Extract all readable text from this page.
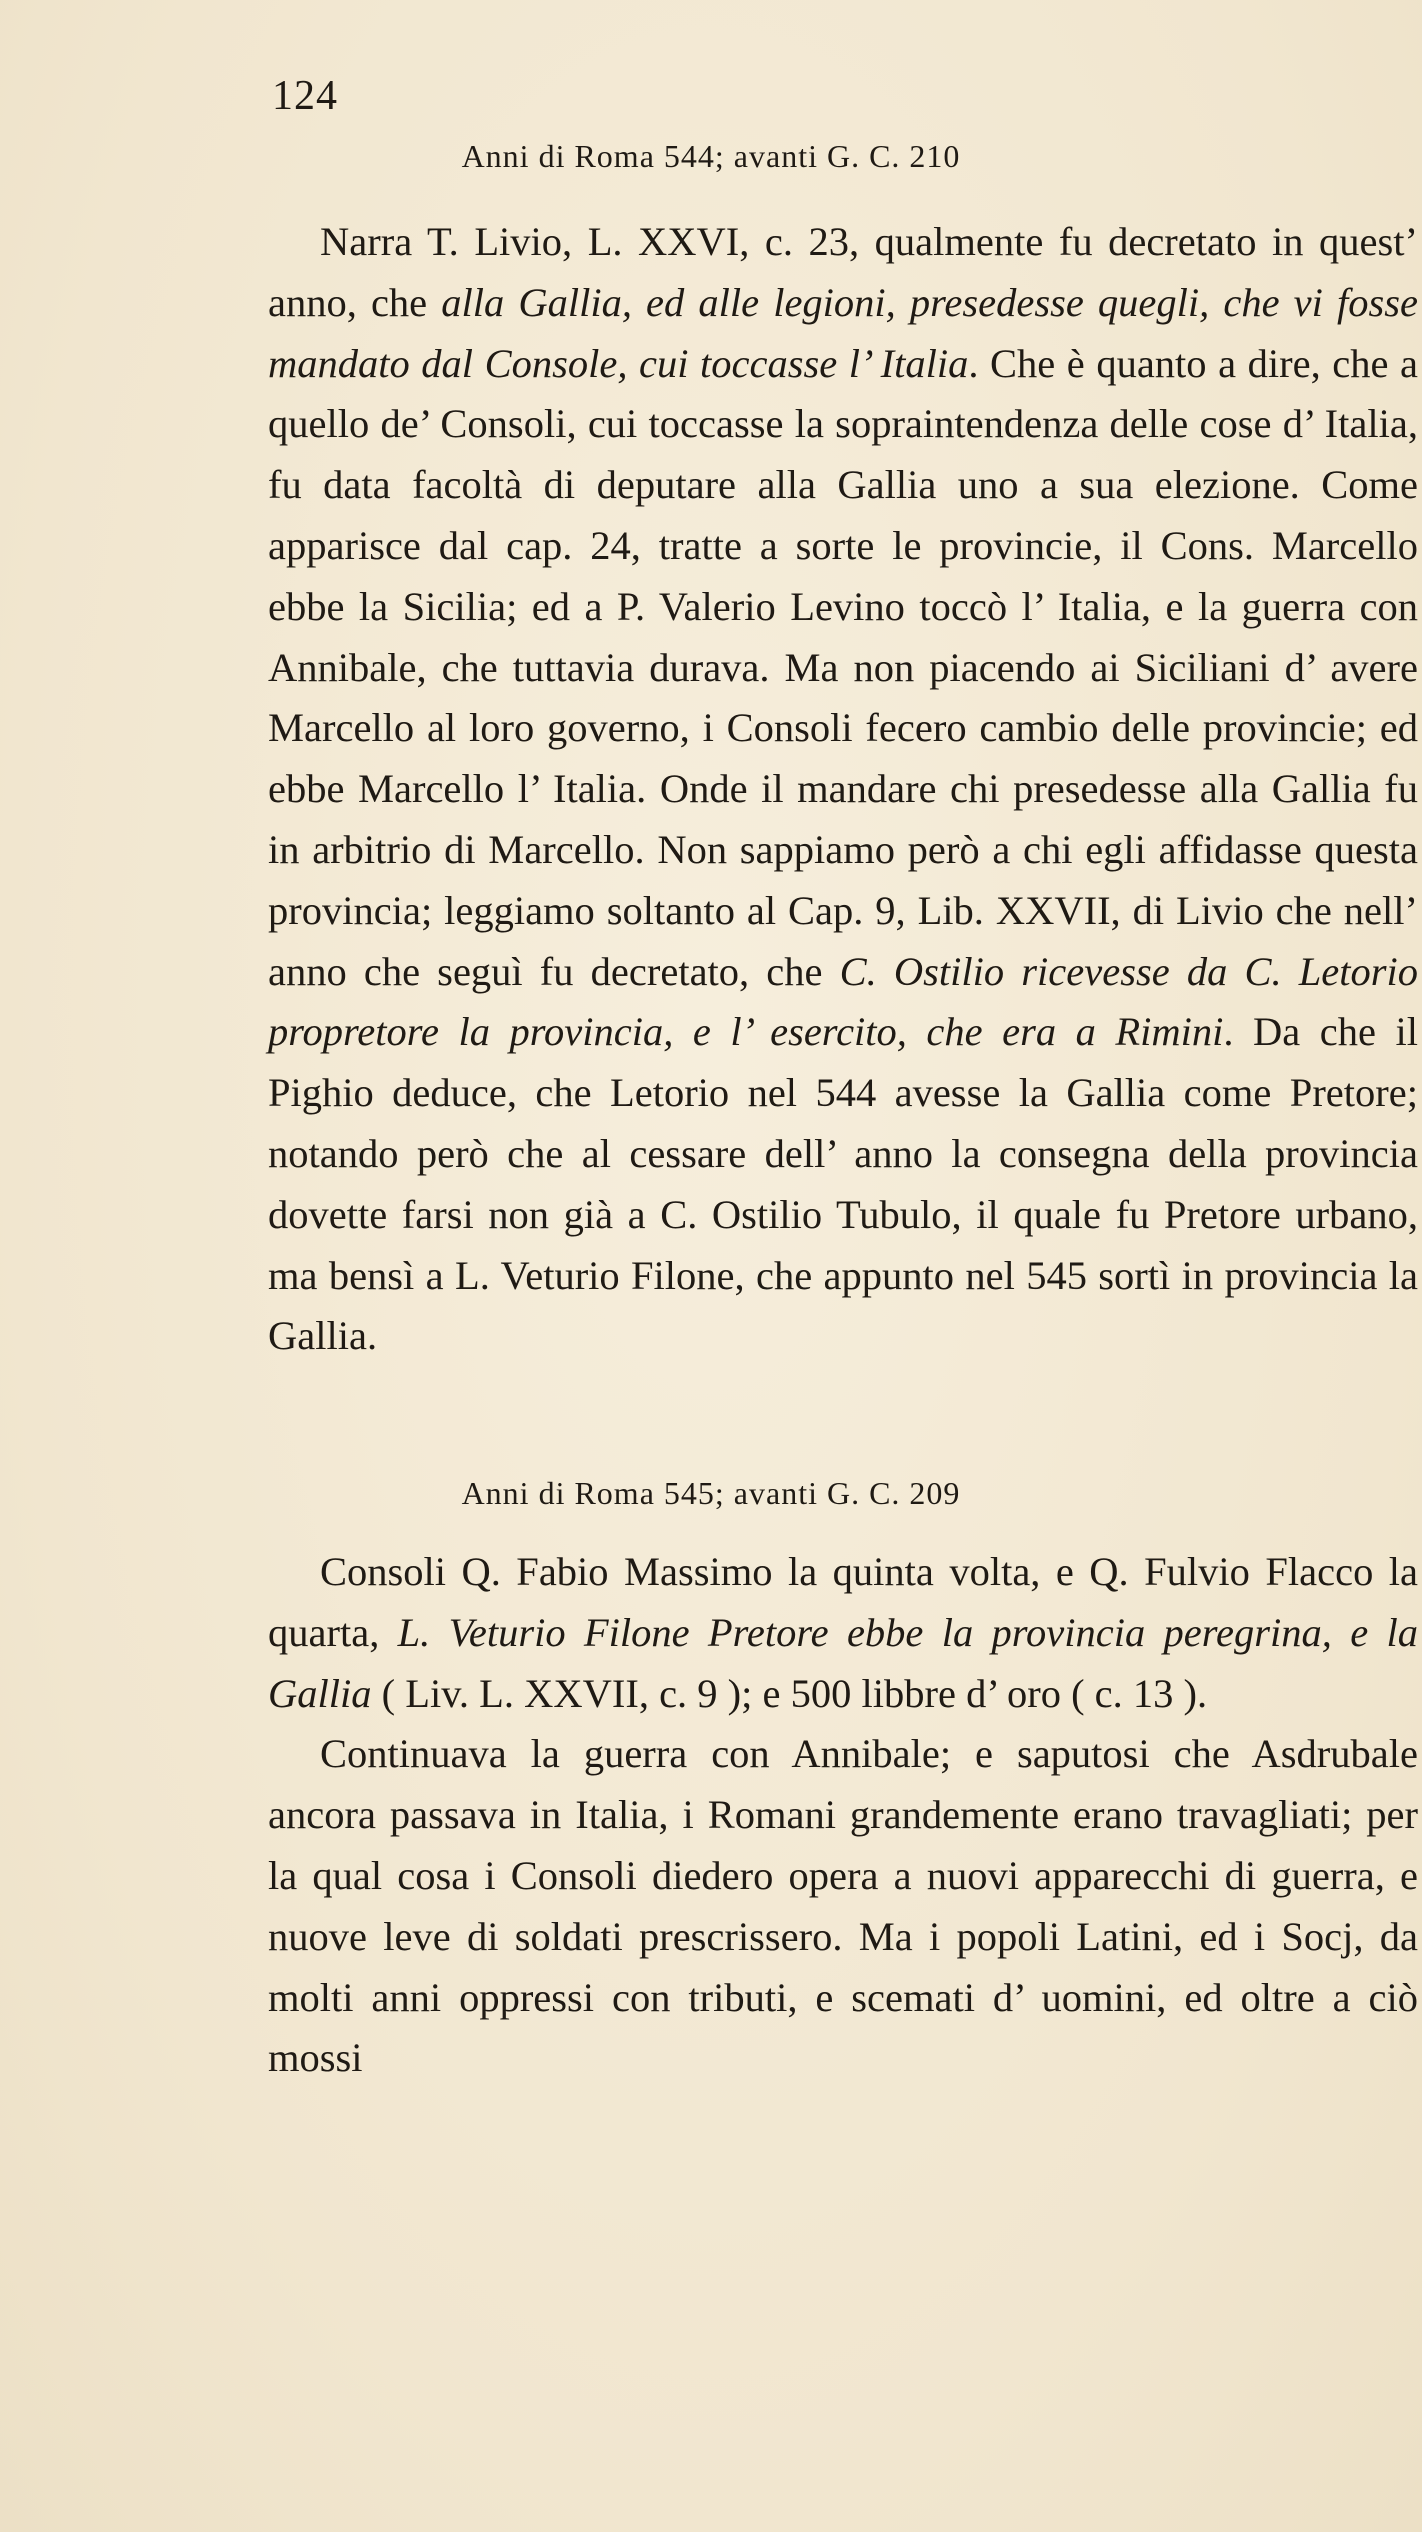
124
Anni di Roma 544; avanti G. C. 210

Narra T. Livio, L. XXVI, c. 23, qualmente fu decretato in quest’ anno, che alla Gallia, ed alle legioni, presedesse quegli, che vi fosse mandato dal Console, cui toccasse l’ Italia. Che è quanto a dire, che a quello de’ Consoli, cui toccasse la sopraintendenza delle cose d’ Italia, fu data facoltà di deputare alla Gallia uno a sua elezione. Come apparisce dal cap. 24, tratte a sorte le provincie, il Cons. Marcello ebbe la Sicilia; ed a P. Valerio Levino toccò l’ Italia, e la guerra con Annibale, che tuttavia durava. Ma non piacendo ai Siciliani d’ avere Marcello al loro governo, i Consoli fecero cambio delle provincie; ed ebbe Marcello l’ Italia. Onde il mandare chi presedesse alla Gallia fu in arbitrio di Marcello. Non sappiamo però a chi egli affidasse questa provincia; leggiamo soltanto al Cap. 9, Lib. XXVII, di Livio che nell’ anno che seguì fu decretato, che C. Ostilio ricevesse da C. Letorio propretore la provincia, e l’ esercito, che era a Rimini. Da che il Pighio deduce, che Letorio nel 544 avesse la Gallia come Pretore; notando però che al cessare dell’ anno la consegna della provincia dovette farsi non già a C. Ostilio Tubulo, il quale fu Pretore urbano, ma bensì a L. Veturio Filone, che appunto nel 545 sortì in provincia la Gallia.

Anni di Roma 545; avanti G. C. 209

Consoli Q. Fabio Massimo la quinta volta, e Q. Fulvio Flacco la quarta, L. Veturio Filone Pretore ebbe la provincia peregrina, e la Gallia ( Liv. L. XXVII, c. 9 ); e 500 libbre d’ oro ( c. 13 ).

Continuava la guerra con Annibale; e saputosi che Asdrubale ancora passava in Italia, i Romani grandemente erano travagliati; per la qual cosa i Consoli diedero opera a nuovi apparecchi di guerra, e nuove leve di soldati prescrissero. Ma i popoli Latini, ed i Socj, da molti anni oppressi con tributi, e scemati d’ uomini, ed oltre a ciò mossi
